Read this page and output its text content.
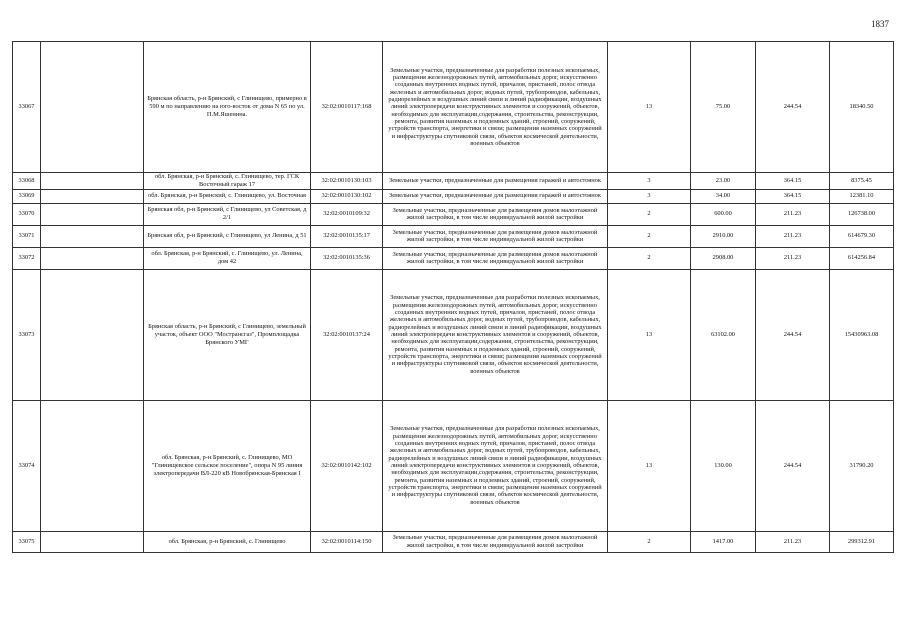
1837
33067		Брянская область, р-н Брянский, с Глинищево, примерно в 590 м по направлению на юго-восток от дома N 65 по ул. П.М.Яшенина.	32:02:0010117:168	Земельные участки, предназначенные для разработки полезных ископаемых, размещения железнодорожных путей, автомобильных дорог, искусственно созданных внутренних водных путей, причалов, пристаней, полос отвода железных и автомобильных дорог, водных путей, трубопроводов, кабельных, радиорелейных и воздушных линий связи и линий радиофикации, воздушных линий электропередачи конструктивных элементов и сооружений, объектов, необходимых для эксплуатации,содержания, строительства, реконструкции, ремонта, развития наземных и подземных зданий, строений, сооружений, устройств транспорта, энергетики и связи; размещения наземных сооружений и инфраструктуры спутниковой связи, объектов космической деятельности, военных объектов	13	75.00	244.54	18340.50
33068		обл. Брянская, р-н Брянский, с. Глинищево, тер. ГСК Восточный гараж 17	32:02:0010130:103	Земельные участки, предназначенные для размещения гаражей и автостоянок	3	23.00	364.15	8375.45
33069		обл. Брянская, р-н Брянский, с. Глинищево, ул. Восточная	32:02:0010130:102	Земельные участки, предназначенные для размещения гаражей и автостоянок	3	34.00	364.15	12381.10
33070		Брянская обл, р-н Брянский, с Глинищево, ул Советская, д 2/1	32:02:0010109:32	Земельные участки, предназначенные для размещения домов малоэтажной жилой застройки, в том числе индивидуальной жилой застройки	2	600.00	211.23	126738.00
33071		Брянская обл, р-н Брянский, с Глинищево, ул Ленина, д 51	32:02:0010135:17	Земельные участки, предназначенные для размещения домов малоэтажной жилой застройки, в том числе индивидуальной жилой застройки	2	2910.00	211.23	614679.30
33072		обл. Брянская, р-н Брянский, с. Глинищево, ул. Ленина, дом 42	32:02:0010135:36	Земельные участки, предназначенные для размещения домов малоэтажной жилой застройки, в том числе индивидуальной жилой застройки	2	2908.00	211.23	614256.84
33073		Брянская область, р-н Брянский, с Глинищево, земельный участок, объект ООО "Мострансгаз", Промплощадка Брянского УМГ	32:02:0010137:24	Земельные участки, предназначенные для разработки полезных ископаемых, размещения железнодорожных путей, автомобильных дорог, искусственно созданных внутренних водных путей, причалов, пристаней, полос отвода железных и автомобильных дорог, водных путей, трубопроводов, кабельных, радиорелейных и воздушных линий связи и линий радиофикации, воздушных линий электропередачи конструктивных элементов и сооружений, объектов, необходимых для эксплуатации,содержания, строительства, реконструкции, ремонта, развития наземных и подземных зданий, строений, сооружений, устройств транспорта, энергетики и связи; размещения наземных сооружений и инфраструктуры спутниковой связи, объектов космической деятельности, военных объектов	13	63102.00	244.54	15430963.08
33074		обл. Брянская, р-н Брянский, с. Глинищево, МО "Глинищевское сельское поселение", опора N 95 линия электропередачи ВЛ-220 кВ Новобрянская-Брянская I	32:02:0010142:102	Земельные участки, предназначенные для разработки полезных ископаемых, размещения железнодорожных путей, автомобильных дорог, искусственно созданных внутренних водных путей, причалов, пристаней, полос отвода железных и автомобильных дорог, водных путей, трубопроводов, кабельных, радиорелейных и воздушных линий связи и линий радиофикации, воздушных линий электропередачи конструктивных элементов и сооружений, объектов, необходимых для эксплуатации,содержания, строительства, реконструкции, ремонта, развития наземных и подземных зданий, строений, сооружений, устройств транспорта, энергетики и связи; размещения наземных сооружений и инфраструктуры спутниковой связи, объектов космической деятельности, военных объектов	13	130.00	244.54	31790.20
33075		обл. Брянская, р-н Брянский, с. Глинищево	32:02:0010114:150	Земельные участки, предназначенные для размещения домов малоэтажной жилой застройки, в том числе индивидуальной жилой застройки	2	1417.00	211.23	299312.91
